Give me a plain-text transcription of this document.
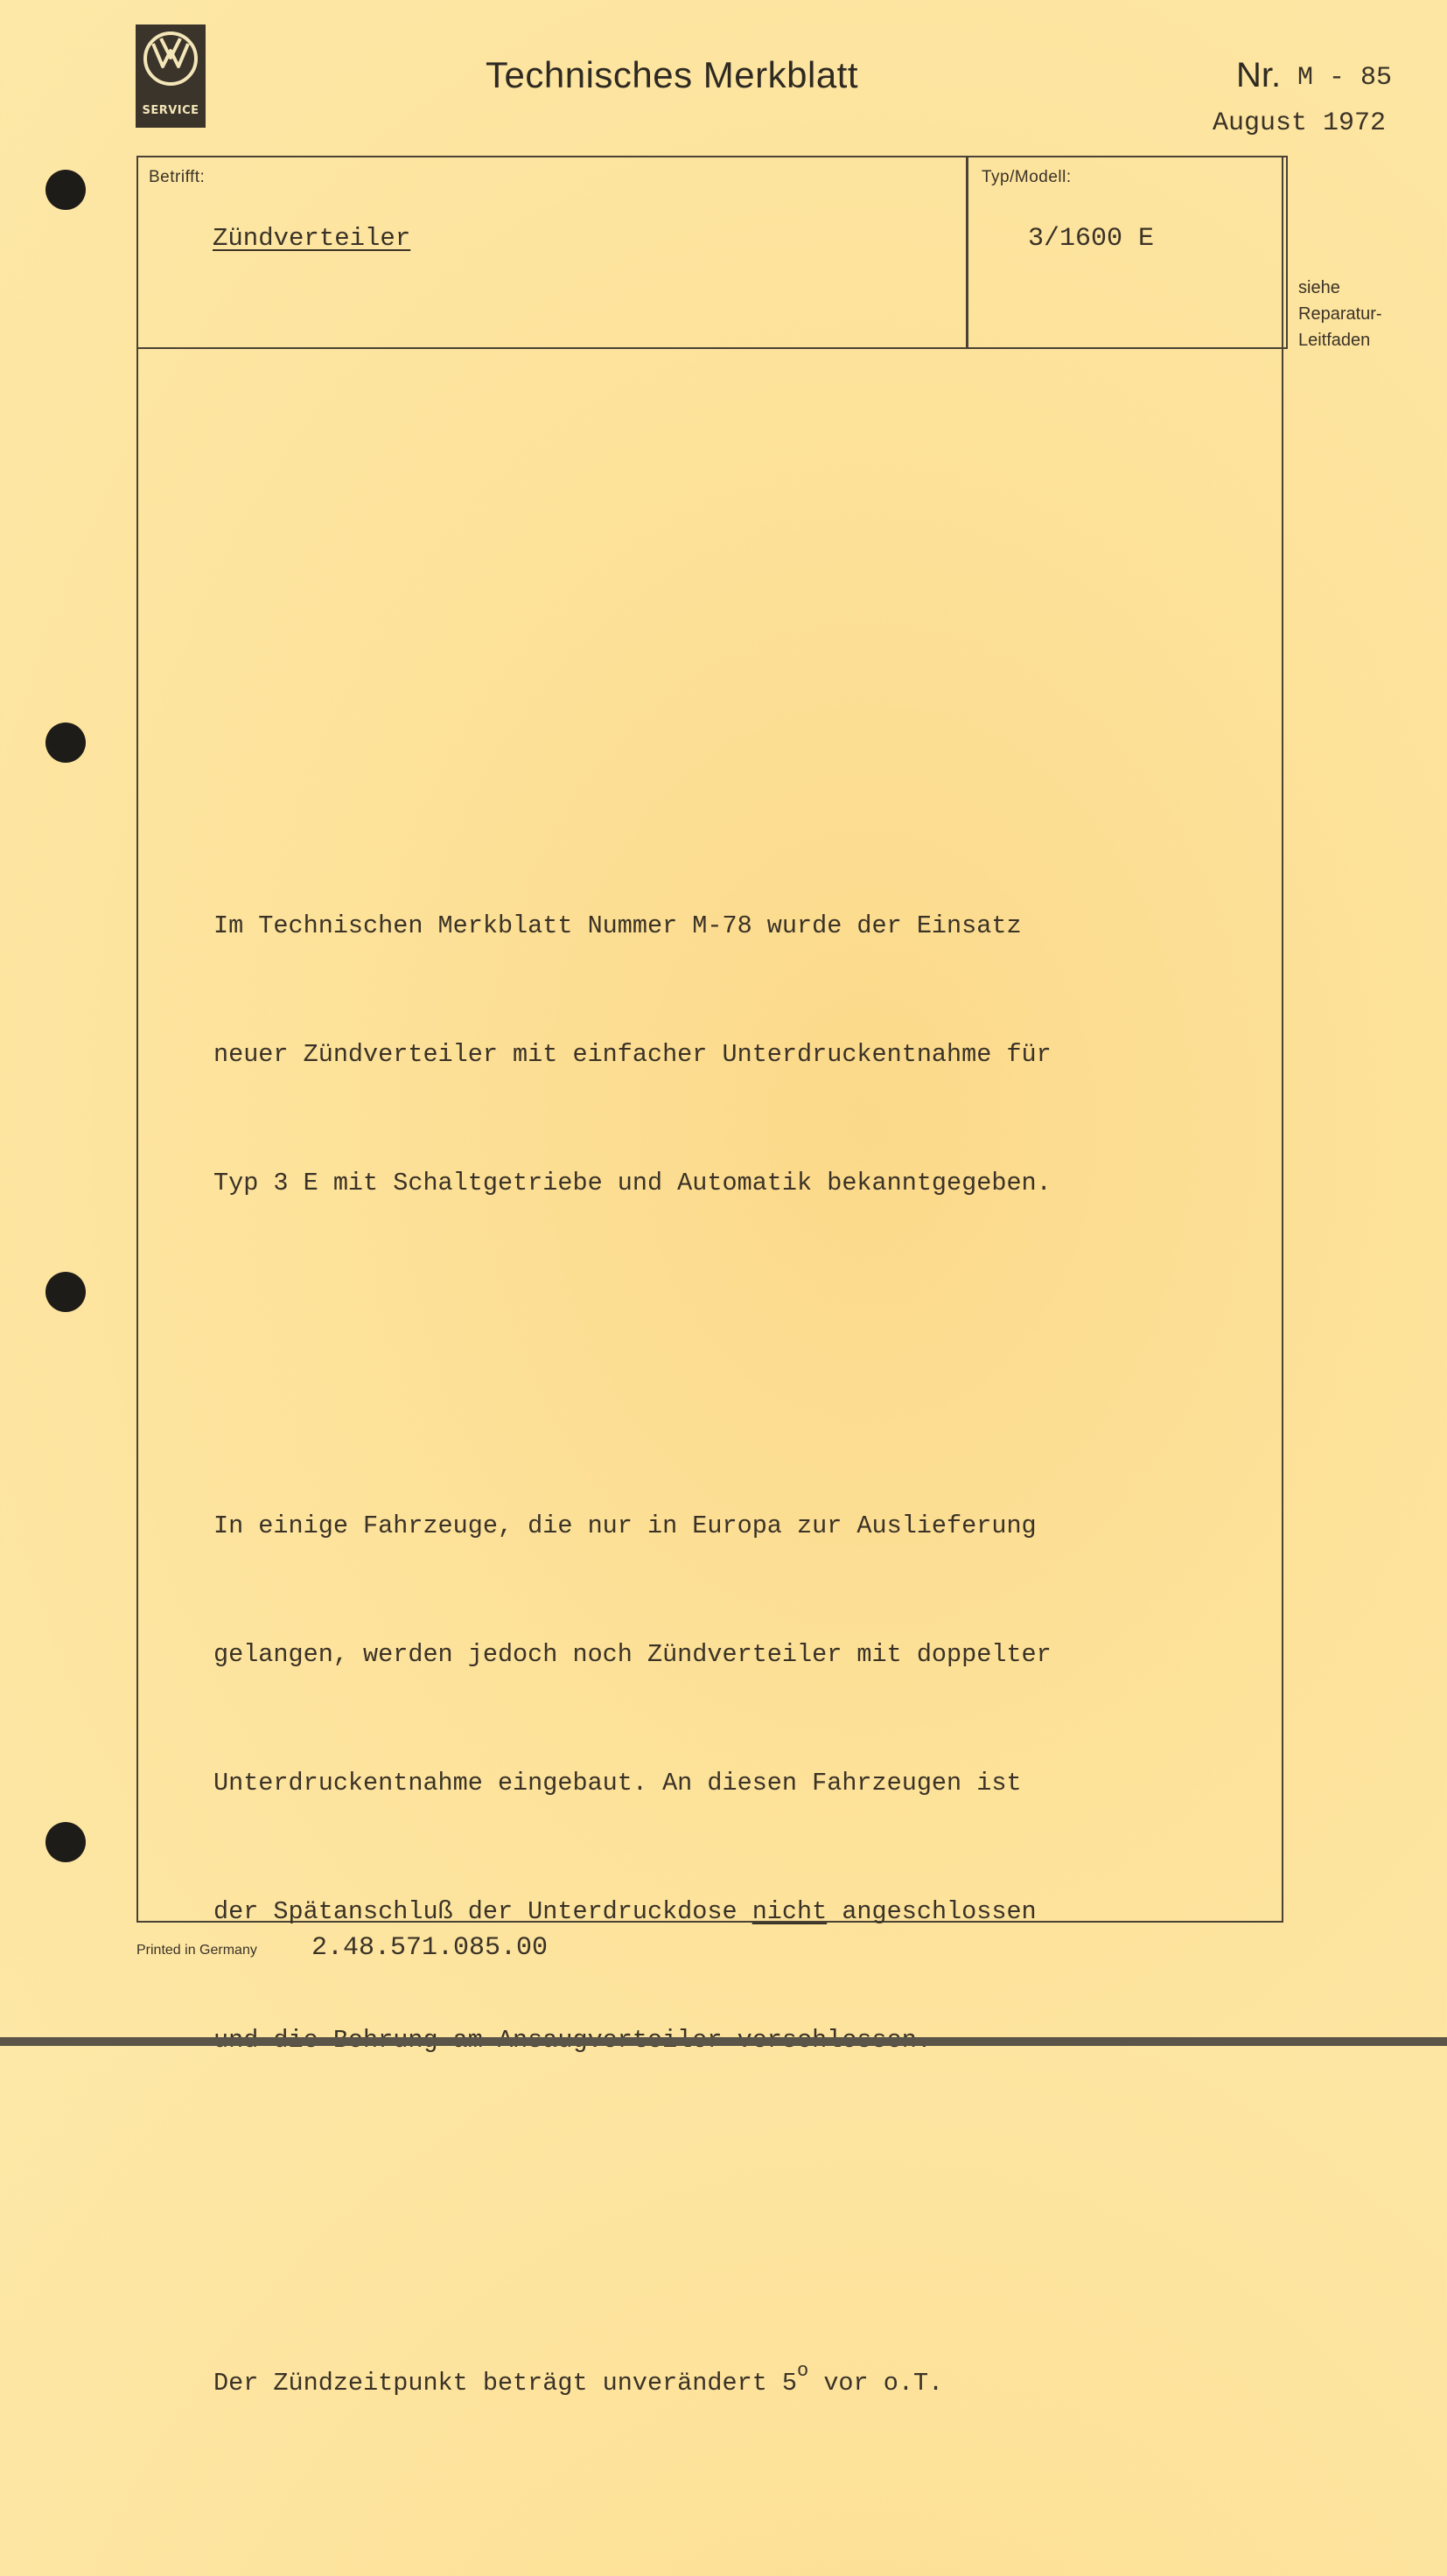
SERVICE
Technisches Merkblatt	Nr. M - 85
August 1972
Betrifft:
Zündverteiler
Typ/Modell:
3/1600 E
siehe
Reparatur-
Leitfaden

Im Technischen Merkblatt Nummer M-78 wurde der Einsatz

neuer Zündverteiler mit einfacher Unterdruckentnahme für

Typ 3 E mit Schaltgetriebe und Automatik bekanntgegeben.

In einige Fahrzeuge, die nur in Europa zur Auslieferung

gelangen, werden jedoch noch Zündverteiler mit doppelter

Unterdruckentnahme eingebaut. An diesen Fahrzeugen ist

der Spätanschluß der Unterdruckdose nicht angeschlossen

Der Zündzeitpunkt beträgt unverändert 5$^o$ vor o.T.

Printed in Germany 2.48.571.085.00
